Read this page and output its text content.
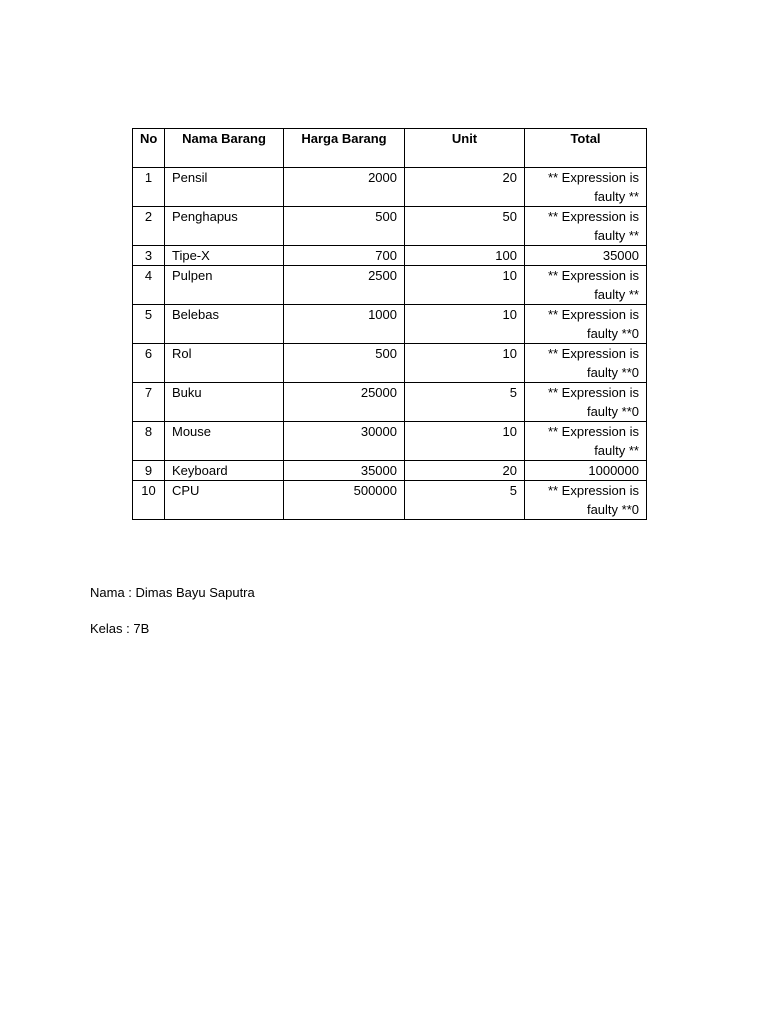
No	Nama Barang	Harga Barang	Unit	Total
1	Pensil	2000	20	** Expression is faulty **
2	Penghapus	500	50	** Expression is faulty **
3	Tipe-X	700	100	35000
4	Pulpen	2500	10	** Expression is faulty **
5	Belebas	1000	10	** Expression is faulty **0
6	Rol	500	10	** Expression is faulty **0
7	Buku	25000	5	** Expression is faulty **0
8	Mouse	30000	10	** Expression is faulty **
9	Keyboard	35000	20	1000000
10	CPU	500000	5	** Expression is faulty **0
Nama : Dimas Bayu Saputra
Kelas : 7B
